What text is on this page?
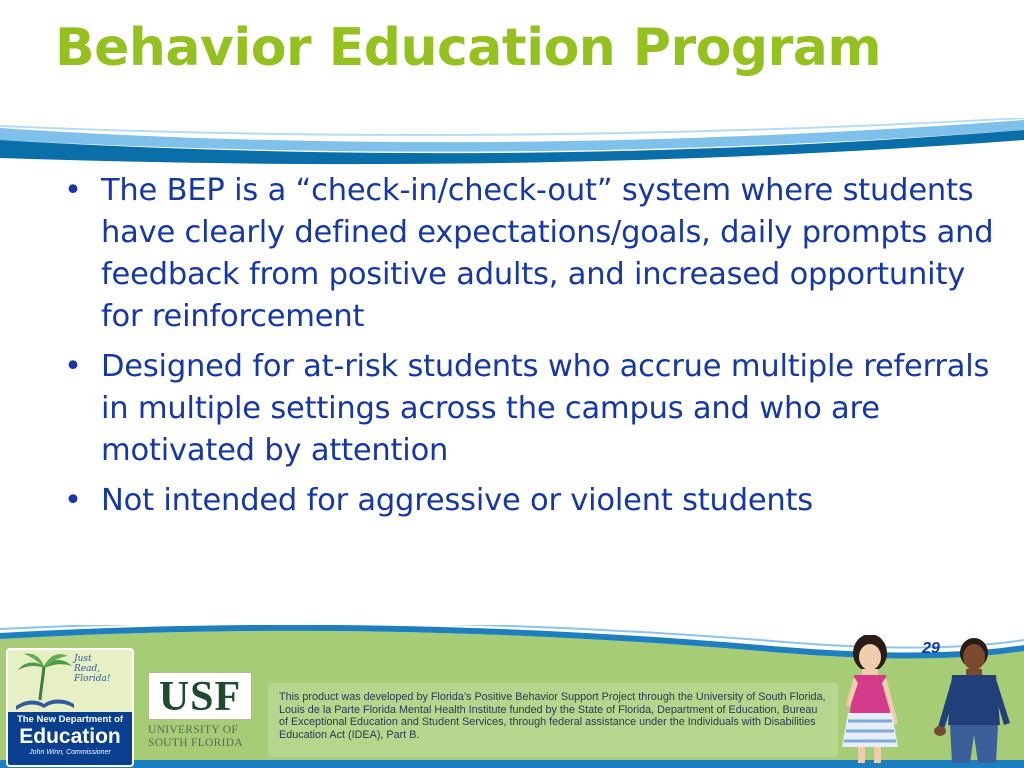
Behavior Education Program
• The BEP is a “check-in/check-out” system where students have clearly defined expectations/goals, daily prompts and feedback from positive adults, and increased opportunity for reinforcement
• Designed for at-risk students who accrue multiple referrals in multiple settings across the campus and who are motivated by attention
• Not intended for aggressive or violent students
29
Just
Read,
Florida!
The New Department of
Education
John Winn, Commissioner
USF
UNIVERSITY OF
SOUTH FLORIDA
This product was developed by Florida’s Positive Behavior Support Project through the University of South Florida, Louis de la Parte Florida Mental Health Institute funded by the State of Florida, Department of Education, Bureau of Exceptional Education and Student Services, through federal assistance under the Individuals with Disabilities Education Act (IDEA), Part B.
